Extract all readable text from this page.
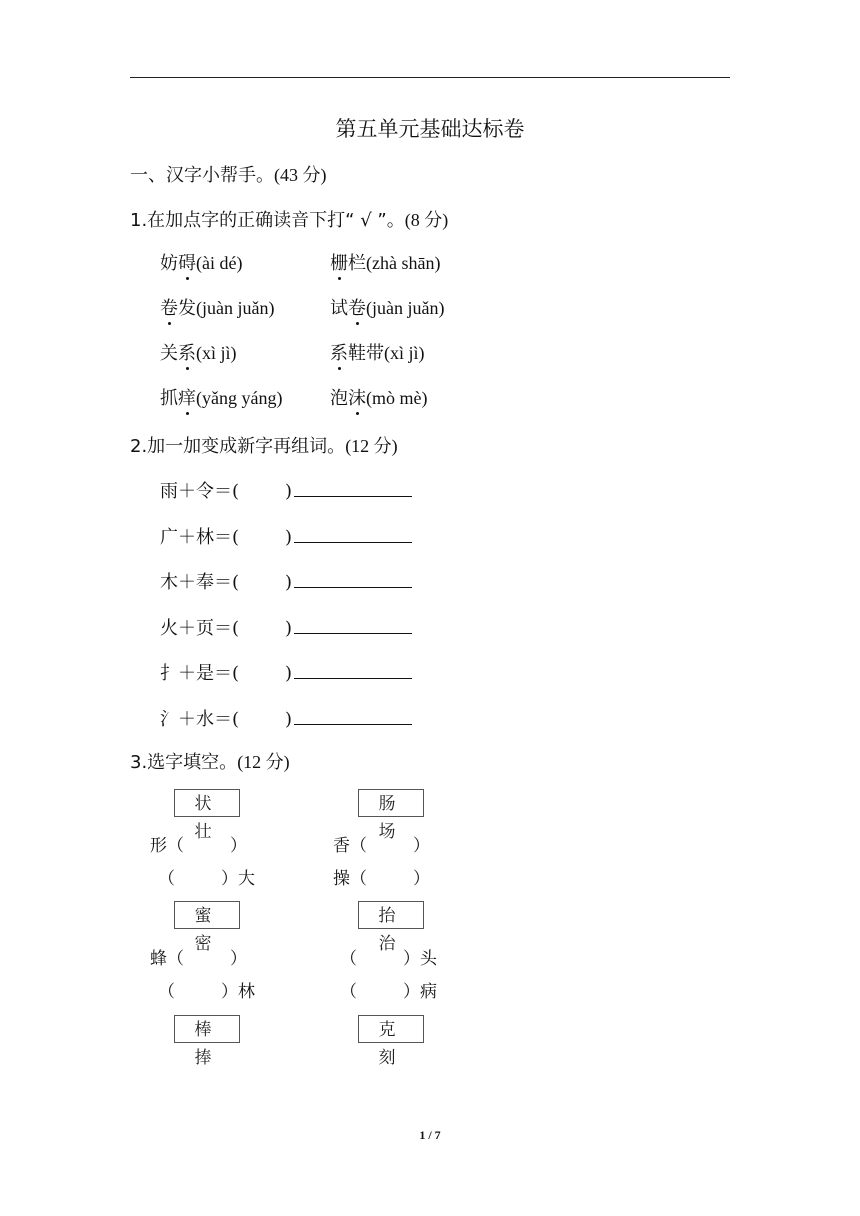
第五单元基础达标卷
一、汉字小帮手。(43 分)
1.在加点字的正确读音下打“ √ ”。(8 分)
妨碍(ài dé)	栅栏(zhà shān)
卷发(juàn juǎn)	试卷(juàn juǎn)
关系(xì jì)	系鞋带(xì jì)
抓痒(yǎng yáng)	泡沫(mò mè)
2.加一加变成新字再组词。(12 分)
雨＋令＝(	)
广＋林＝(	)
木＋奉＝(	)
火＋页＝(	)
扌＋是＝(	)
氵＋水＝(	)
3.选字填空。(12 分)
状 壮
肠 场
形（	）	香（	）
（	）大	操（	）
蜜 密
抬 治
蜂（	）	（	）头
（	）林	（	）病
棒 捧
克 刻
1 / 7
